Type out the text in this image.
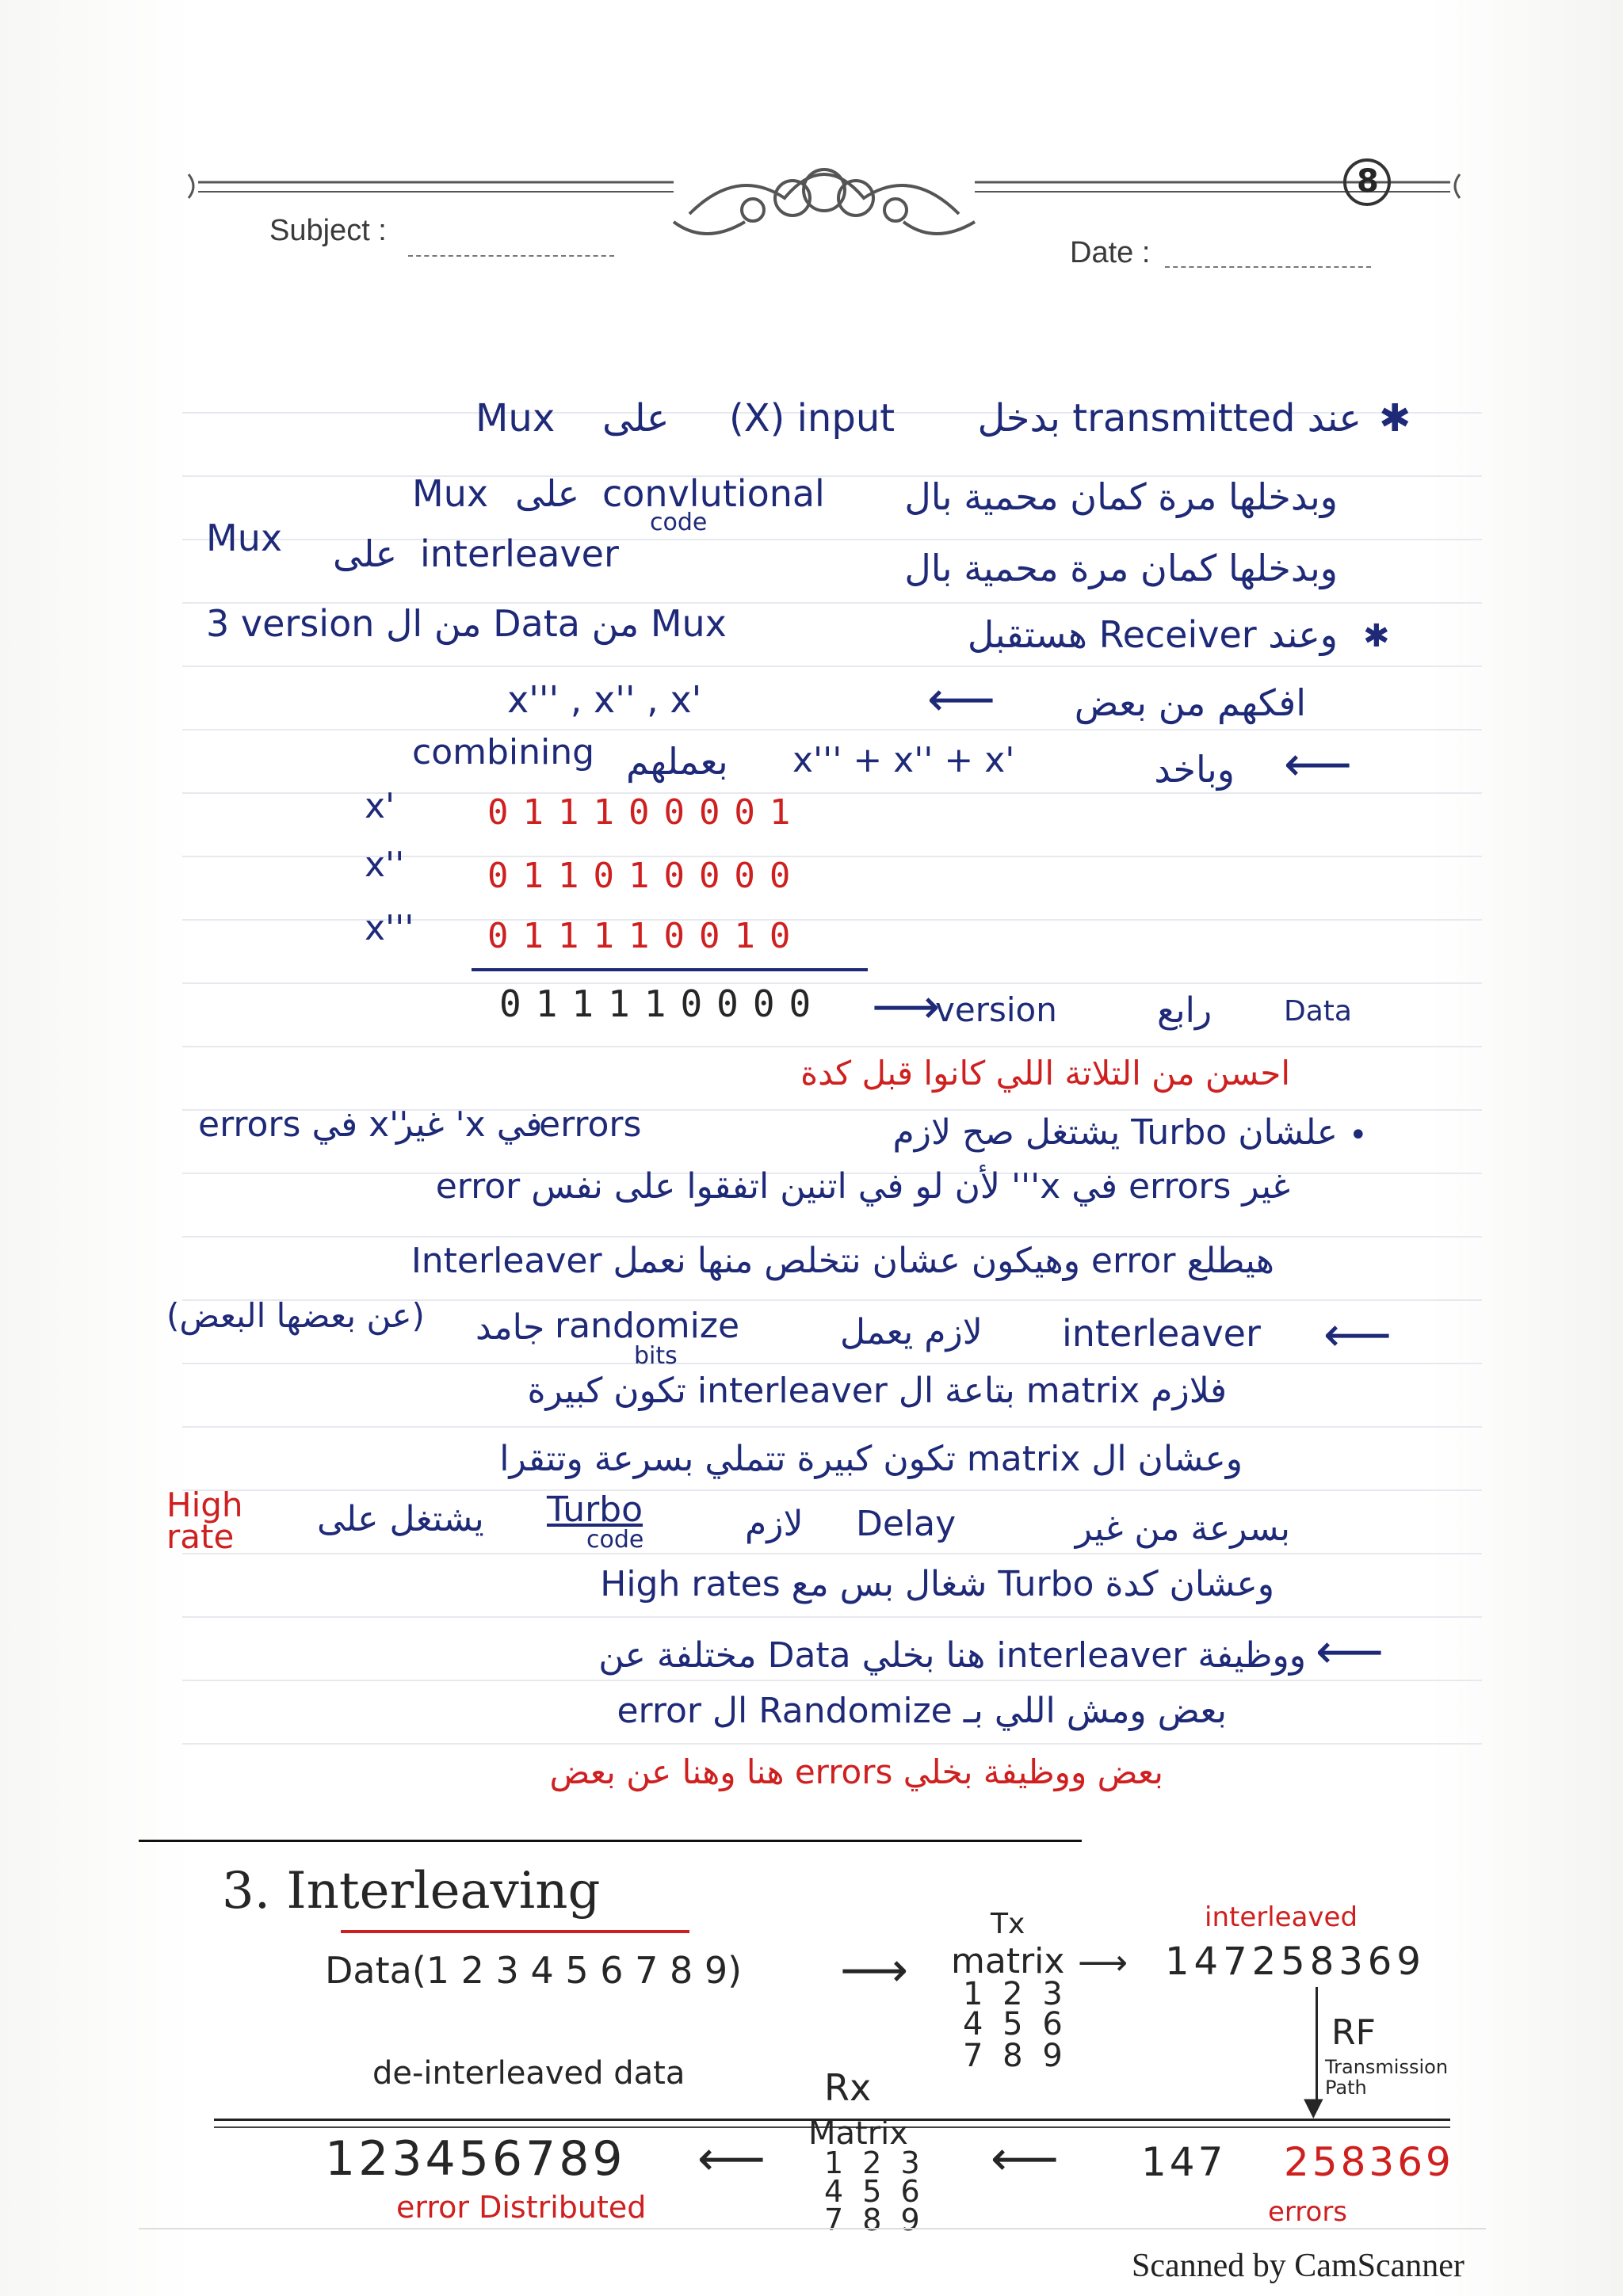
8
Subject :
Date :
✱
عند transmitted بدخل
(X) input
على
Mux
وبدخلها مرة كمان محمية بال
convlutional
على
Mux
code
وبدخلها كمان مرة محمية بال
interleaver
على
Mux
✱
وعند Receiver هستقبل
3 version من ال Data من Mux
افكهم من بعض
⟵
x''' , x'' , x'
⟵
وباخد
x''' + x'' + x'
بعملهم
combining
x'	011100001
x'' 011010000
x''' 011110010
011110000 ⟶
version	رابع	Data
احسن من التلاتة اللي كانوا قبل كدة
•
علشان Turbo يشتغل صح لازم
errors
في x' غير
errors في x''
غير errors في x''' لأن لو في اتنين اتفقوا على نفس error
هيطلع error وهيكون عشان نتخلص منها نعمل Interleaver
⟵
interleaver
لازم يعمل
randomize
جامد
(عن بعضها البعض)
bits
فلازم matrix بتاعة ال interleaver تكون كبيرة
وعشان ال matrix تكون كبيرة تتملي بسرعة وتتقرا
بسرعة من غير
Delay
لازم
Turbo
code
يشتغل على
High rate
وعشان كدة Turbo شغال بس مع High rates
⟵
ووظيفة interleaver هنا بخلي Data مختلفة عن
بعض ومش اللي بـ Randomize ال error
بعض ووظيفة بخلي errors هنا وهنا عن بعض
3. Interleaving
Data(1 2 3 4 5 6 7 8 9) ⟶
Tx
matrix
1 2 3
4 5 6
7 8 9
⟶
interleaved
147258369
▼
RF
Transmission Path
de-interleaved data	Rx
Matrix
1 2 3
4 5 6
7 8 9
123456789 ⟵
error Distributed
⟵ 147 258369
errors
Scanned by CamScanner
